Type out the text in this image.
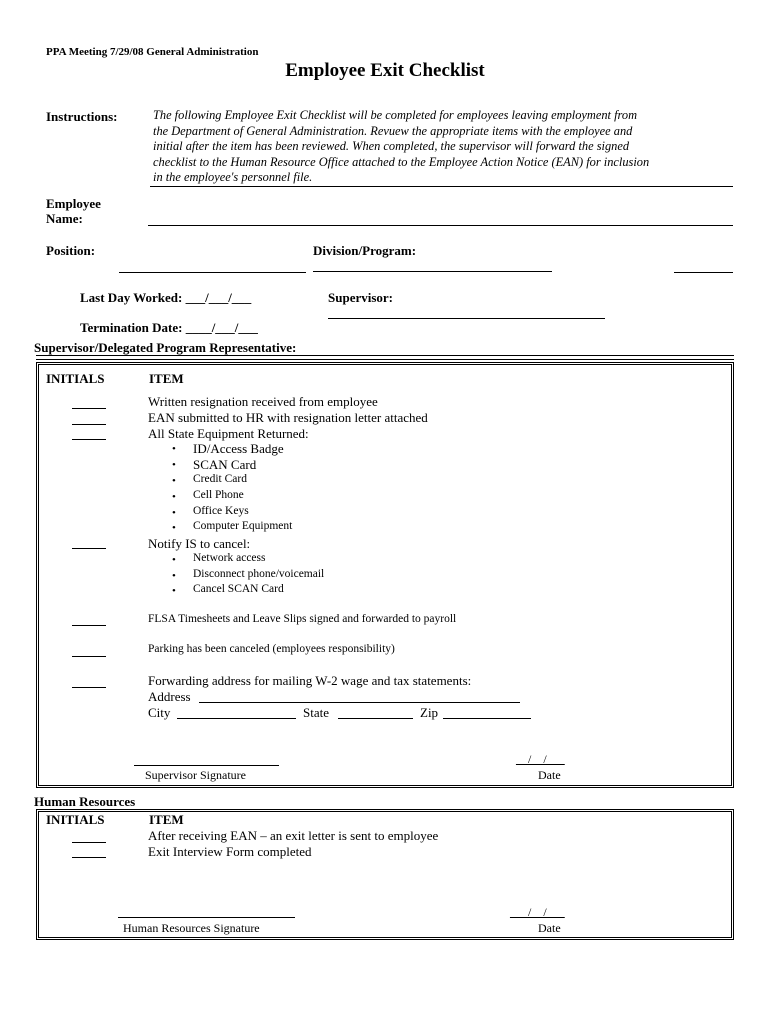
PPA Meeting 7/29/08 General Administration
Employee Exit Checklist
Instructions:	The following Employee Exit Checklist will be completed for employees leaving employment from
the Department of General Administration. Revuew the appropriate items with the employee and
initial after the item has been reviewed. When completed, the supervisor will forward the signed
checklist to the Human Resource Office attached to the Employee Action Notice (EAN) for inclusion
in the employee's personnel file.
Employee
Name:
Position:	Division/Program:
Last Day Worked: ___/___/___	Supervisor:
Termination Date: ____/___/___
Supervisor/Delegated Program Representative:
INITIALS	ITEM
Written resignation received from employee
EAN submitted to HR with resignation letter attached
All State Equipment Returned:
• ID/Access Badge
• SCAN Card
• Credit Card
• Cell Phone
• Office Keys
• Computer Equipment
Notify IS to cancel:
• Network access
• Disconnect phone/voicemail
• Cancel SCAN Card
FLSA Timesheets and Leave Slips signed and forwarded to payroll
Parking has been canceled (employees responsibility)
Forwarding address for mailing W-2 wage and tax statements:
Address
City	State	Zip
Supervisor Signature
__/__/___
Date
Human Resources
INITIALS	ITEM
After receiving EAN – an exit letter is sent to employee
Exit Interview Form completed
Human Resources Signature
___/__/___
Date
